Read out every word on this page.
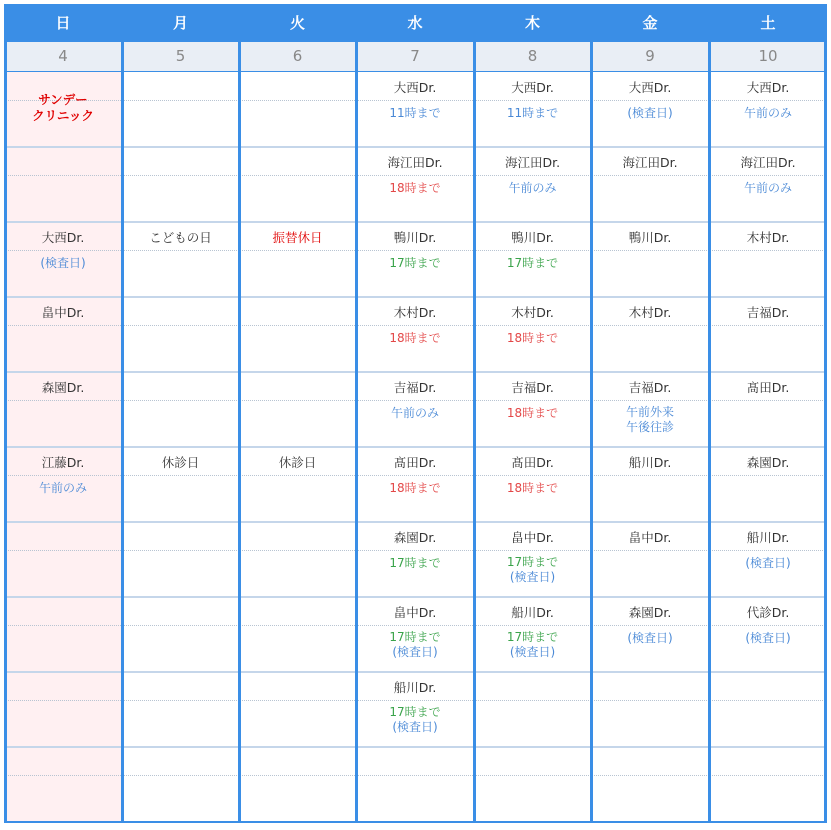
日
4
月
5
火
6
水
7
木
8
金
9
土
10
サンデー
クリニック
大西Dr.
(検査日)
畠中Dr.
森園Dr.
江藤Dr.
午前のみ
こどもの日
休診日
振替休日
休診日
大西Dr.
11時まで
海江田Dr.
18時まで
鴨川Dr.
17時まで
木村Dr.
18時まで
吉福Dr.
午前のみ
髙田Dr.
18時まで
森園Dr.
17時まで
畠中Dr.
17時まで
(検査日)
船川Dr.
17時まで
(検査日)
大西Dr.
11時まで
海江田Dr.
午前のみ
鴨川Dr.
17時まで
木村Dr.
18時まで
吉福Dr.
18時まで
髙田Dr.
18時まで
畠中Dr.
17時まで
(検査日)
船川Dr.
17時まで
(検査日)
大西Dr.
(検査日)
海江田Dr.
鴨川Dr.
木村Dr.
吉福Dr.
午前外来
午後往診
船川Dr.
畠中Dr.
森園Dr.
(検査日)
大西Dr.
午前のみ
海江田Dr.
午前のみ
木村Dr.
吉福Dr.
髙田Dr.
森園Dr.
船川Dr.
(検査日)
代診Dr.
(検査日)
